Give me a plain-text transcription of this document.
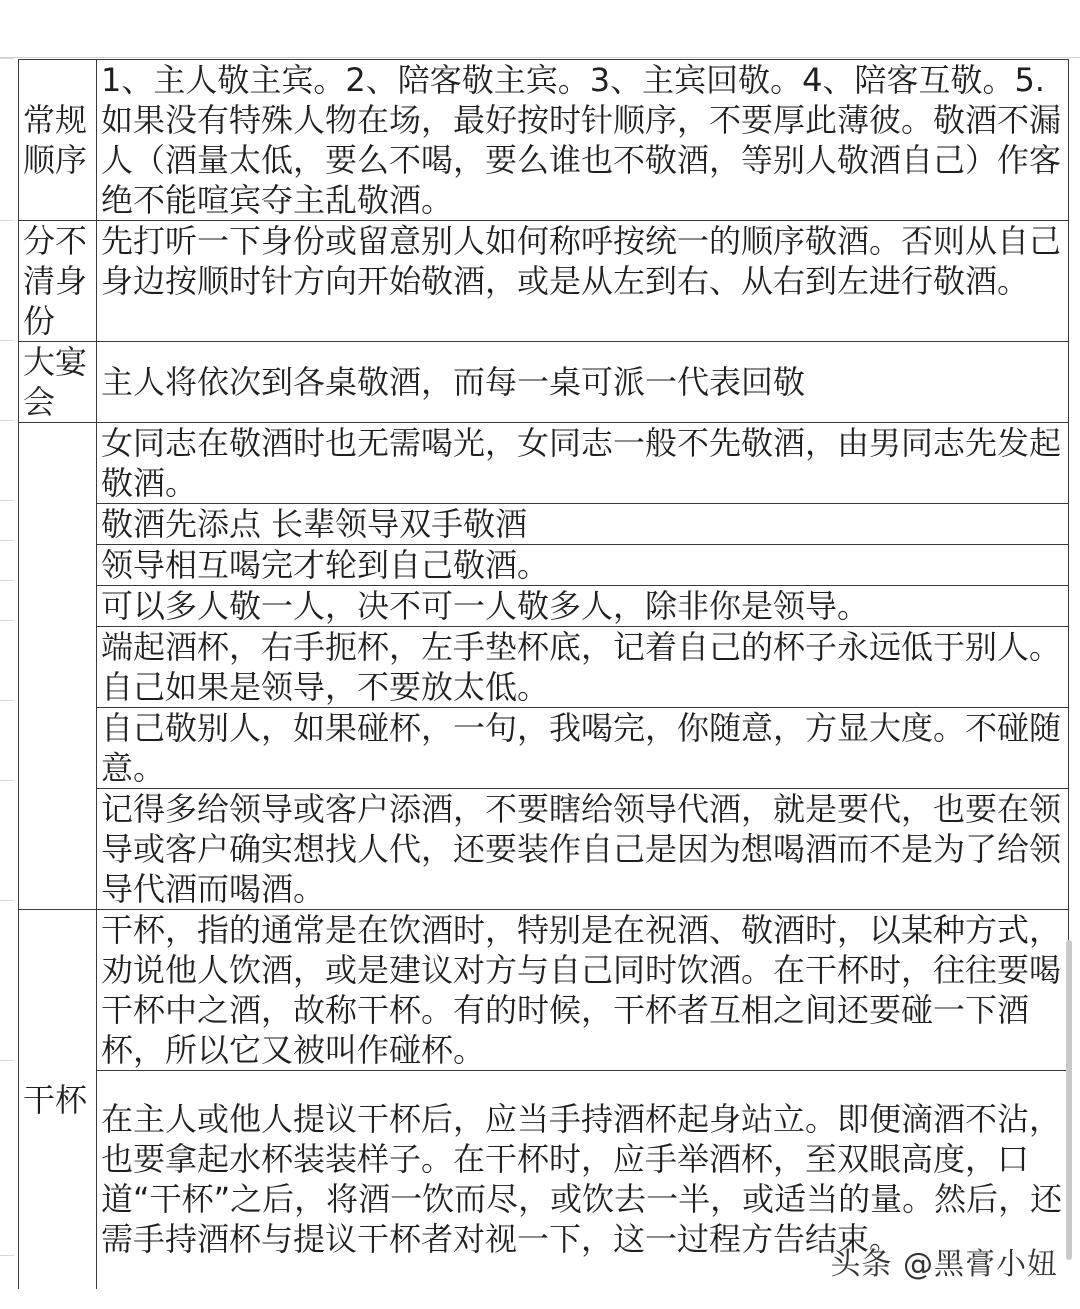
常规顺序	1、主人敬主宾。2、陪客敬主宾。3、主宾回敬。4、陪客互敬。5.如果没有特殊人物在场，最好按时针顺序，不要厚此薄彼。敬酒不漏人（酒量太低，要么不喝，要么谁也不敬酒，等别人敬酒自己）作客绝不能喧宾夺主乱敬酒。
分不清身份	先打听一下身份或留意别人如何称呼按统一的顺序敬酒。否则从自己身边按顺时针方向开始敬酒，或是从左到右、从右到左进行敬酒。
大宴会	主人将依次到各桌敬酒，而每一桌可派一代表回敬
	女同志在敬酒时也无需喝光，女同志一般不先敬酒，由男同志先发起敬酒。
	敬酒先添点 长辈领导双手敬酒
	领导相互喝完才轮到自己敬酒。
	可以多人敬一人，决不可一人敬多人，除非你是领导。
	端起酒杯，右手扼杯，左手垫杯底，记着自己的杯子永远低于别人。自己如果是领导，不要放太低。
	自己敬别人，如果碰杯，一句，我喝完，你随意，方显大度。不碰随意。
	记得多给领导或客户添酒，不要瞎给领导代酒，就是要代，也要在领导或客户确实想找人代，还要装作自己是因为想喝酒而不是为了给领导代酒而喝酒。
干杯	干杯，指的通常是在饮酒时，特别是在祝酒、敬酒时，以某种方式，劝说他人饮酒，或是建议对方与自己同时饮酒。在干杯时，往往要喝干杯中之酒，故称干杯。有的时候，干杯者互相之间还要碰一下酒杯，所以它又被叫作碰杯。
	在主人或他人提议干杯后，应当手持酒杯起身站立。即便滴酒不沾，也要拿起水杯装装样子。在干杯时，应手举酒杯，至双眼高度，口道“干杯”之后，将酒一饮而尽，或饮去一半，或适当的量。然后，还需手持酒杯与提议干杯者对视一下，这一过程方告结束。
头条 @黑膏小妞
